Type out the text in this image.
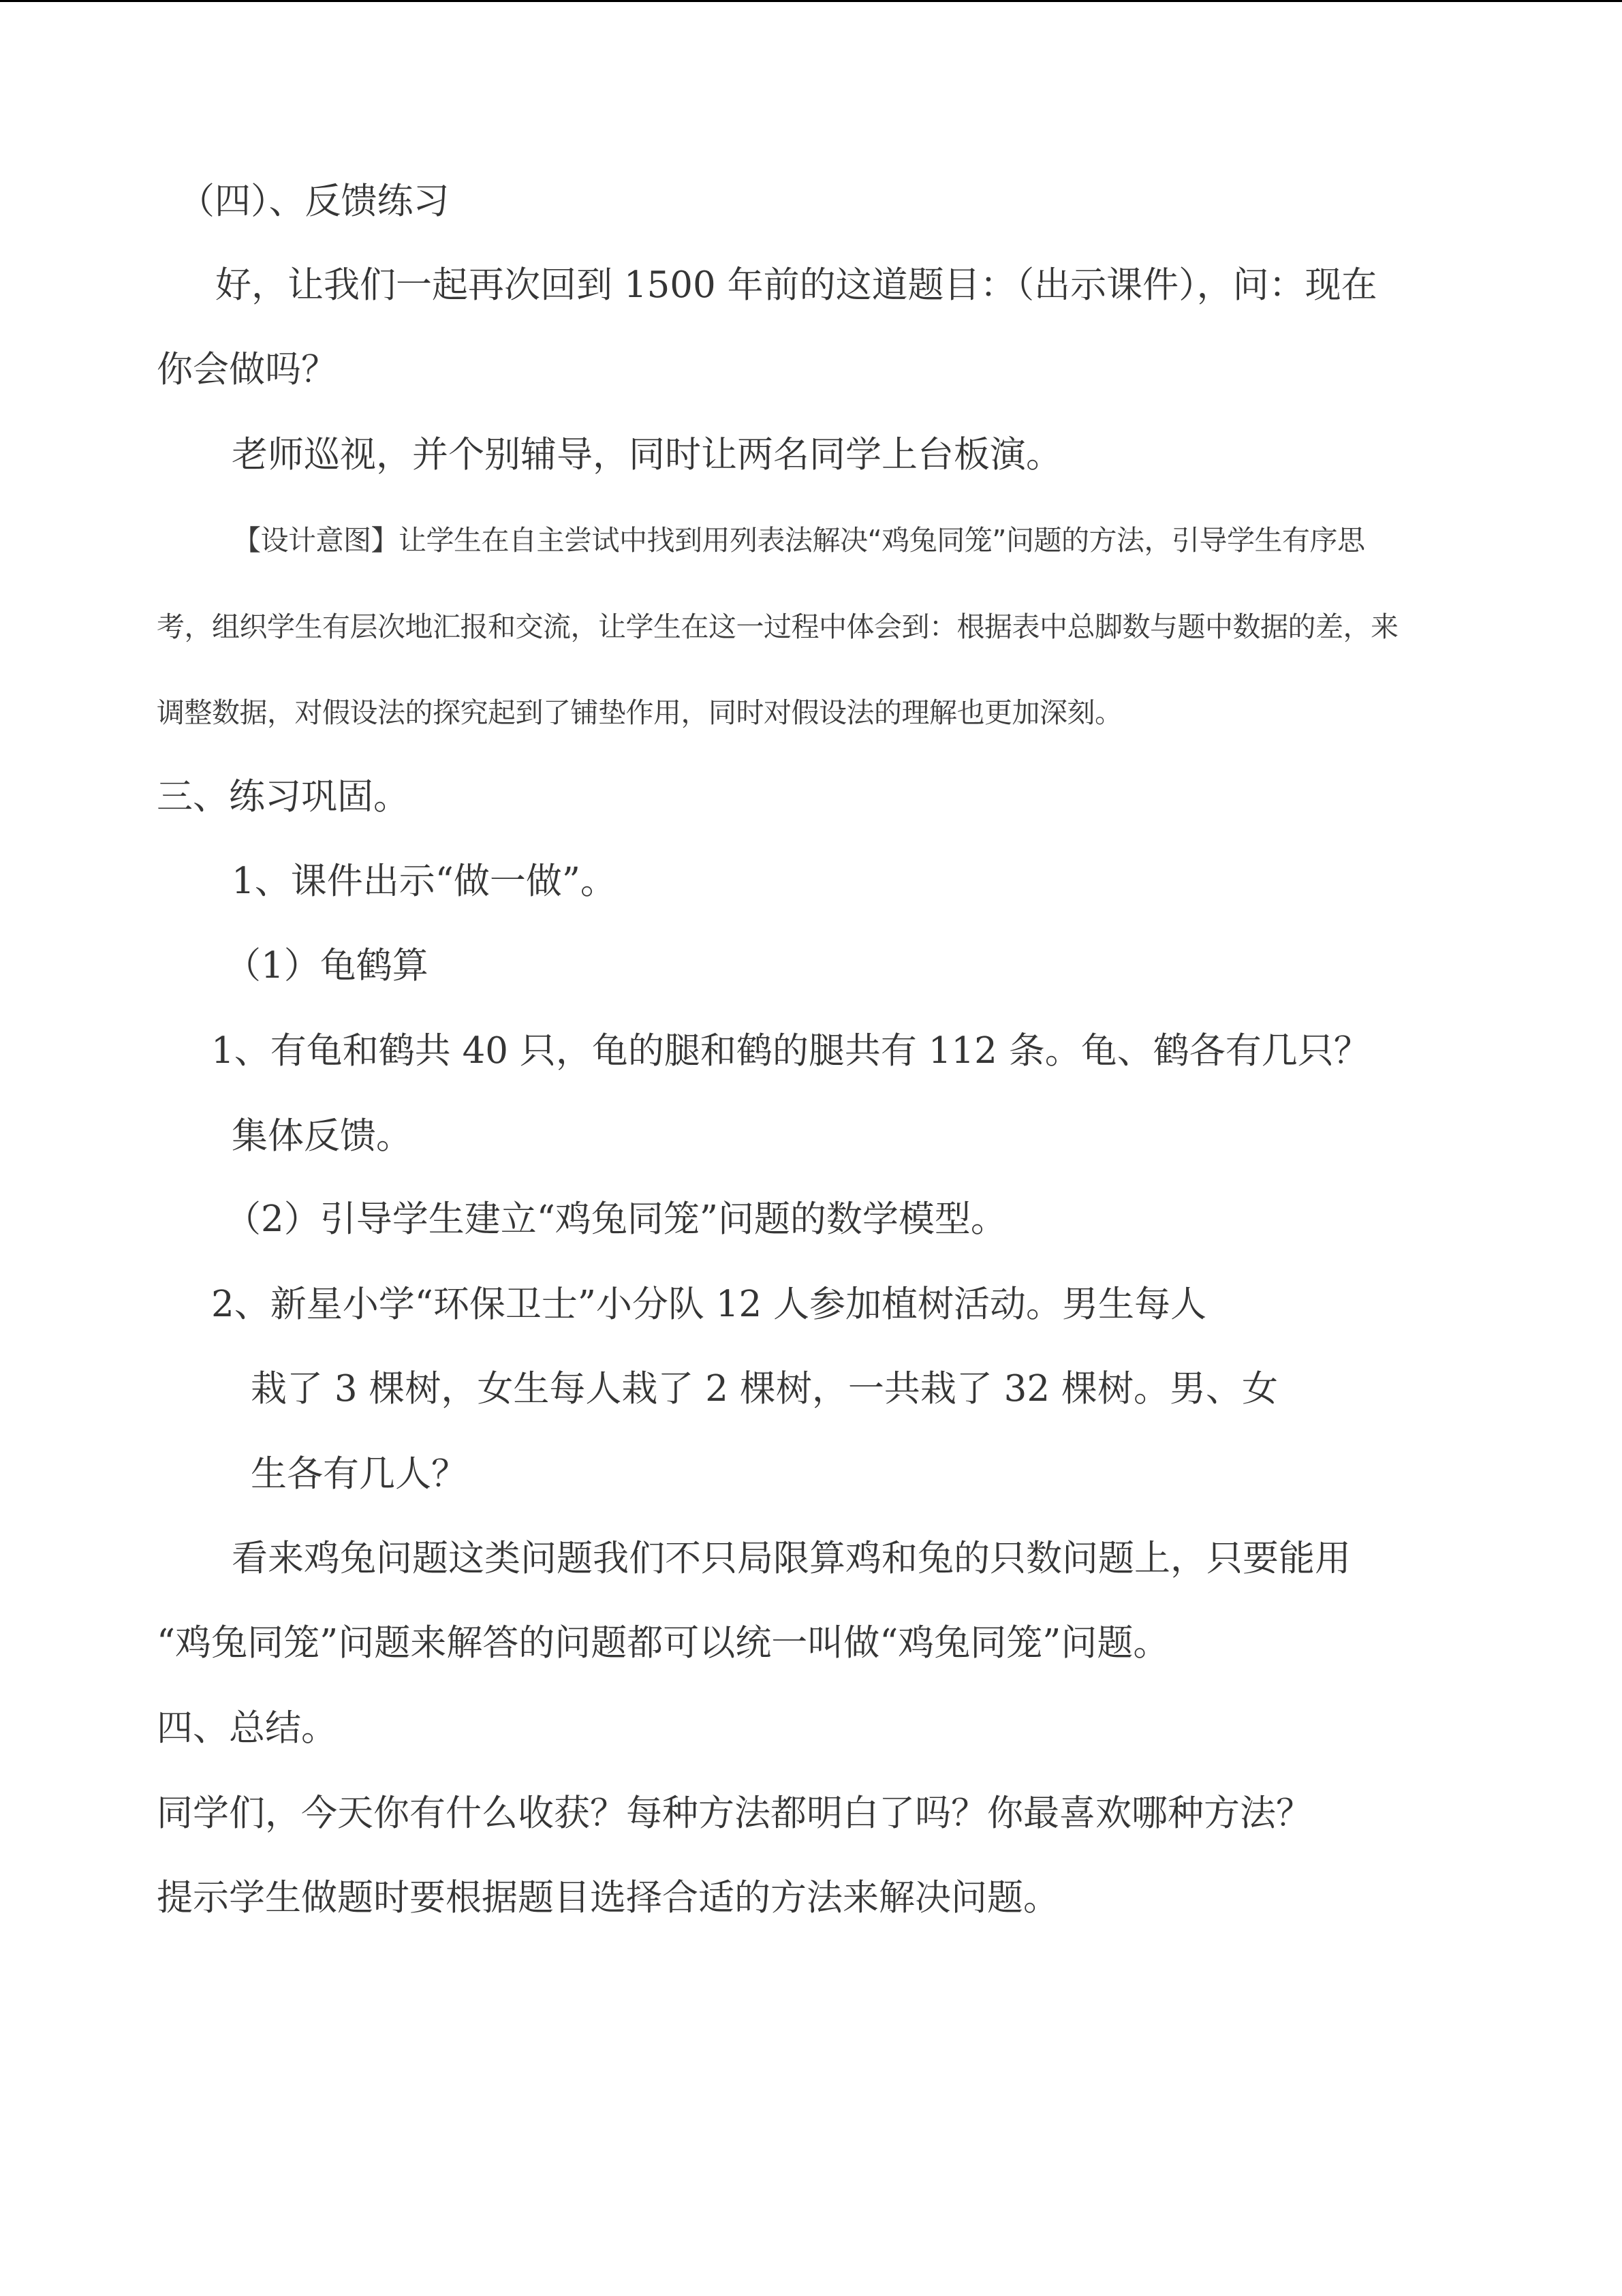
（四）、反馈练习
好，让我们一起再次回到 1500 年前的这道题目：（出示课件），问：现在
你会做吗？
老师巡视，并个别辅导，同时让两名同学上台板演。
【设计意图】让学生在自主尝试中找到用列表法解决“鸡兔同笼”问题的方法，引导学生有序思
考，组织学生有层次地汇报和交流，让学生在这一过程中体会到：根据表中总脚数与题中数据的差，来
调整数据，对假设法的探究起到了铺垫作用，同时对假设法的理解也更加深刻。
三、练习巩固。
1、课件出示“做一做”。
（1）龟鹤算
1、有龟和鹤共 40 只，龟的腿和鹤的腿共有 112 条。龟、鹤各有几只？
集体反馈。
（2）引导学生建立“鸡兔同笼”问题的数学模型。
2、新星小学“环保卫士”小分队 12 人参加植树活动。男生每人
栽了 3 棵树，女生每人栽了 2 棵树，一共栽了 32 棵树。男、女
生各有几人？
看来鸡兔问题这类问题我们不只局限算鸡和兔的只数问题上，只要能用
“鸡兔同笼”问题来解答的问题都可以统一叫做“鸡兔同笼”问题。
四、总结。
同学们，今天你有什么收获？每种方法都明白了吗？你最喜欢哪种方法？
提示学生做题时要根据题目选择合适的方法来解决问题。
